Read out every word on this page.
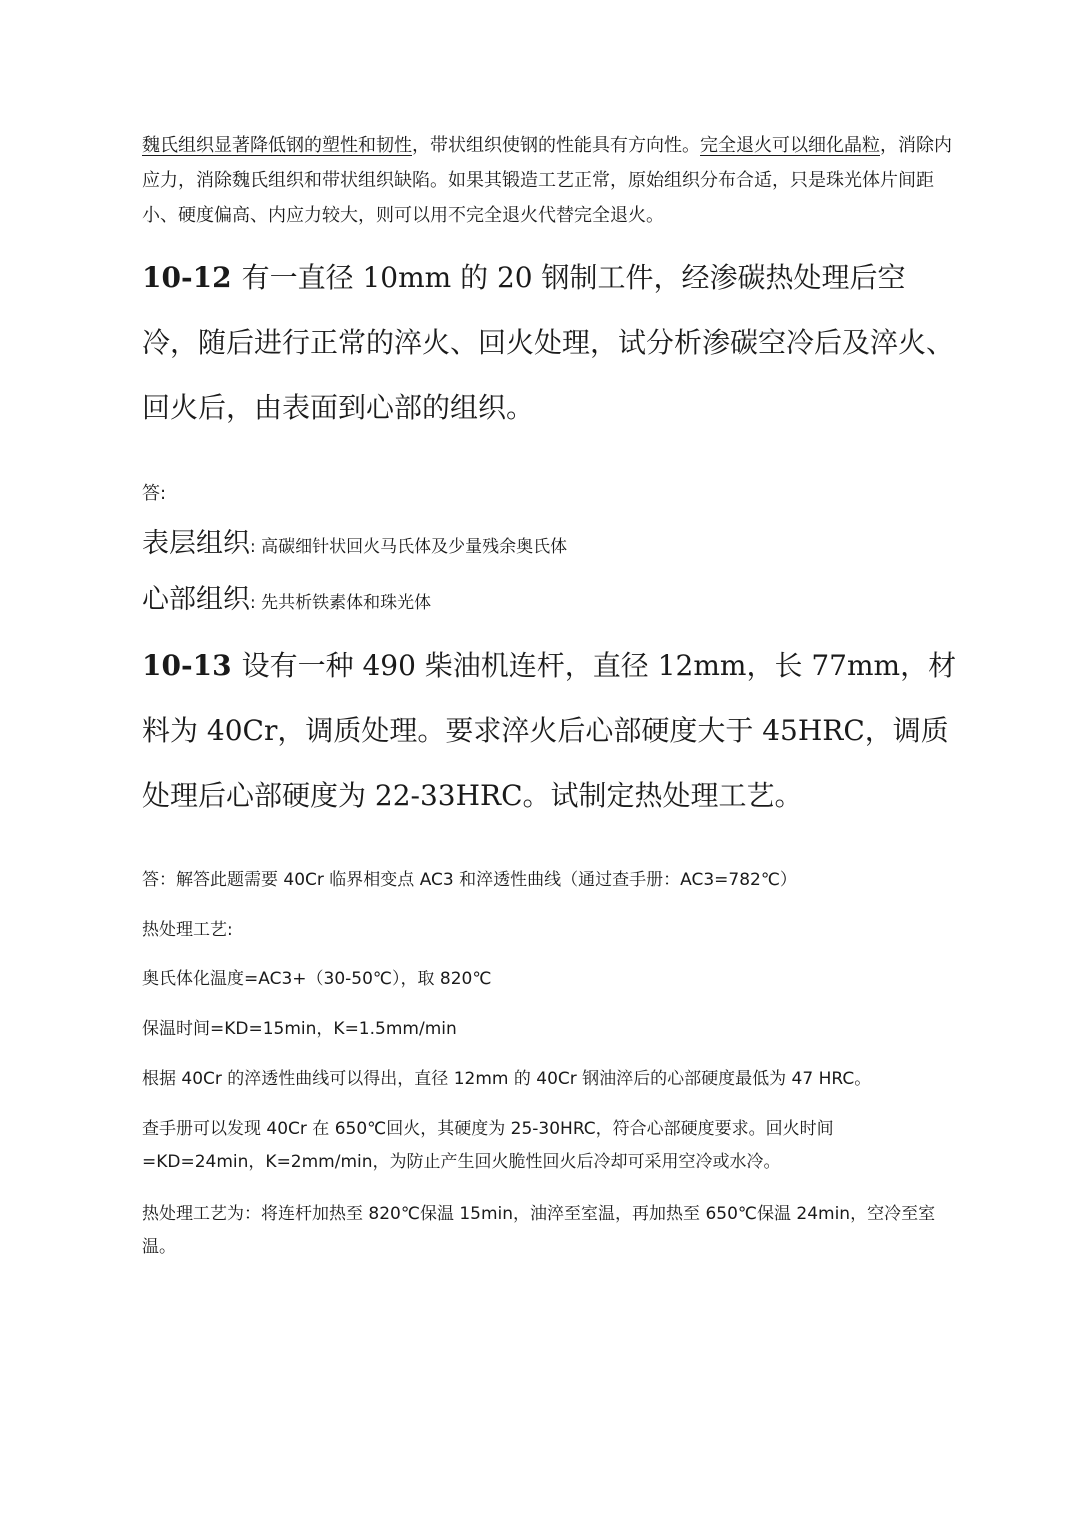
魏氏组织显著降低钢的塑性和韧性，带状组织使钢的性能具有方向性。完全退火可以细化晶粒，消除内应力，消除魏氏组织和带状组织缺陷。如果其锻造工艺正常，原始组织分布合适，只是珠光体片间距小、硬度偏高、内应力较大，则可以用不完全退火代替完全退火。

10-12 有一直径 10mm 的 20 钢制工件，经渗碳热处理后空冷，随后进行正常的淬火、回火处理，试分析渗碳空冷后及淬火、回火后，由表面到心部的组织。

答:

表层组织: 高碳细针状回火马氏体及少量残余奥氏体

心部组织: 先共析铁素体和珠光体

10-13 设有一种 490 柴油机连杆，直径 12mm，长 77mm，材料为 40Cr，调质处理。要求淬火后心部硬度大于 45HRC，调质处理后心部硬度为 22-33HRC。试制定热处理工艺。

答：解答此题需要 40Cr 临界相变点 AC3 和淬透性曲线（通过查手册：AC3=782℃）

热处理工艺:

奥氏体化温度=AC3+（30-50℃），取 820℃

保温时间=KD=15min，K=1.5mm/min

根据 40Cr 的淬透性曲线可以得出，直径 12mm 的 40Cr 钢油淬后的心部硬度最低为 47 HRC。

查手册可以发现 40Cr 在 650℃回火，其硬度为 25-30HRC，符合心部硬度要求。回火时间=KD=24min，K=2mm/min，为防止产生回火脆性回火后冷却可采用空冷或水冷。

热处理工艺为：将连杆加热至 820℃保温 15min，油淬至室温，再加热至 650℃保温 24min，空冷至室温。
